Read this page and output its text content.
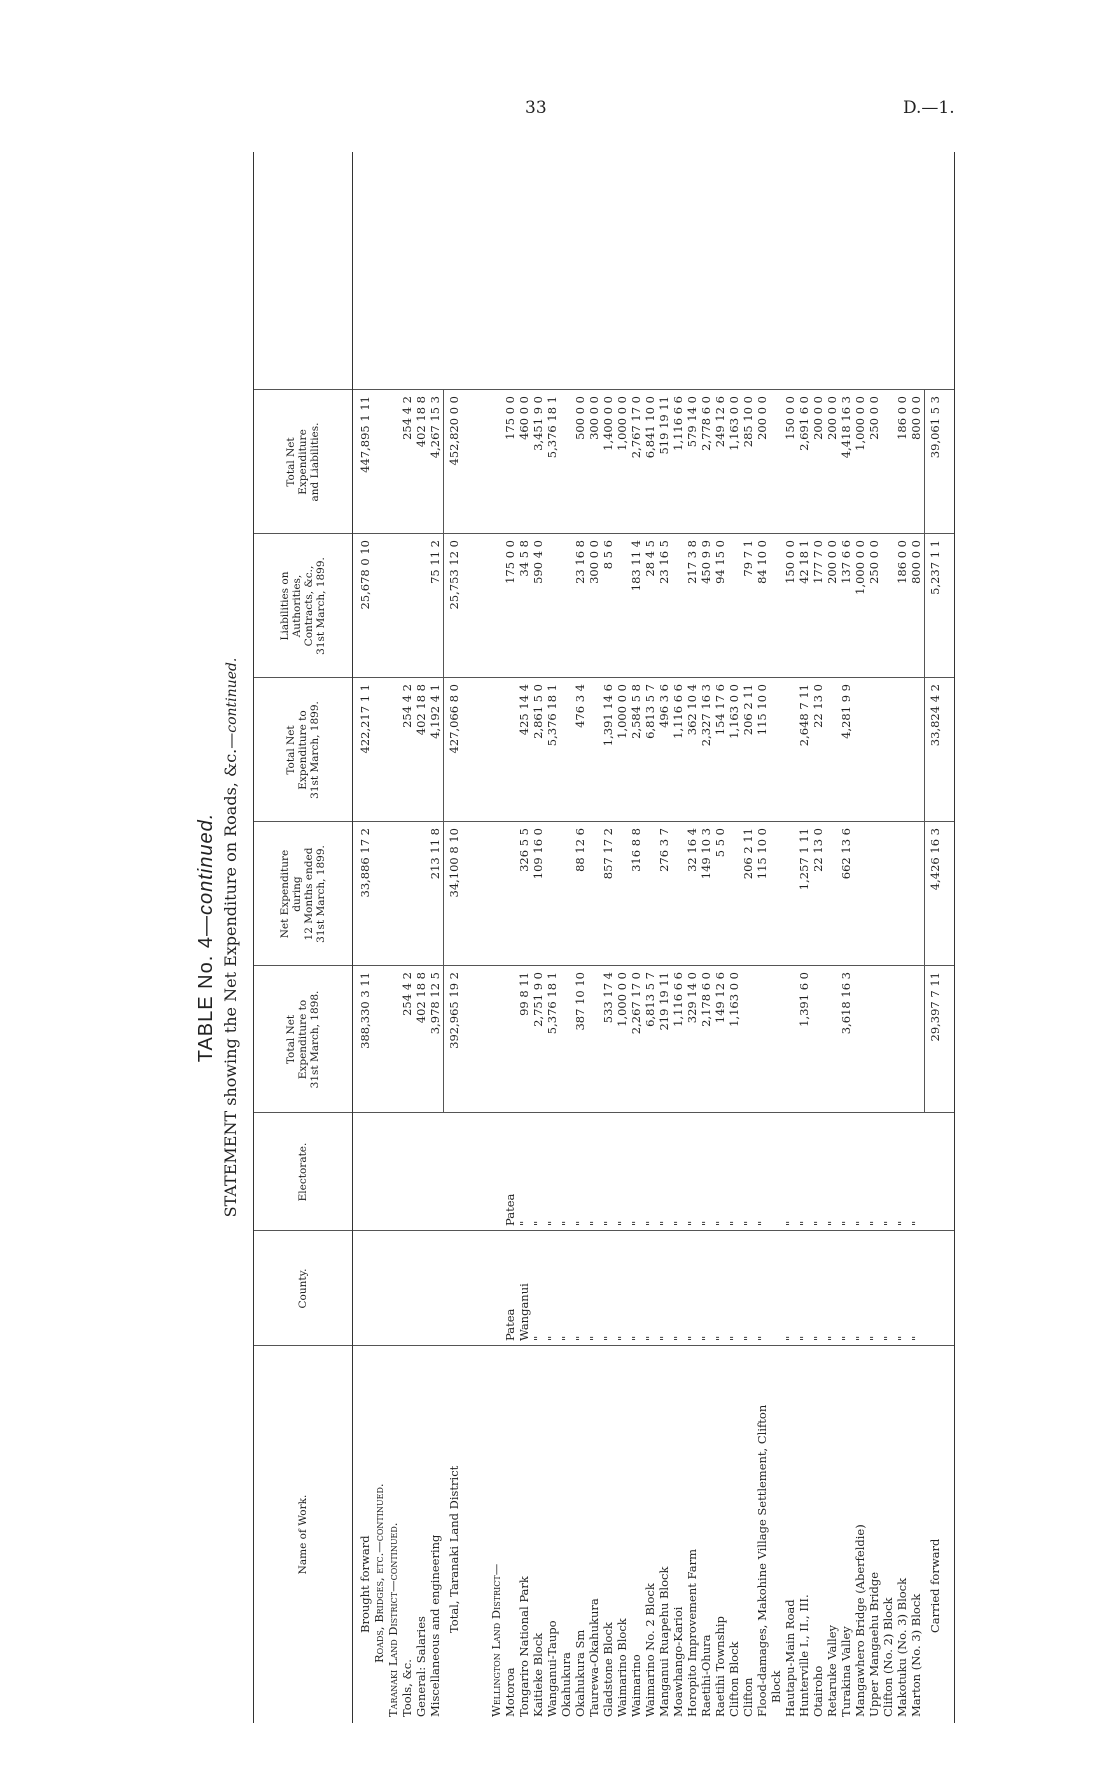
33	D.—1.
TABLE No. 4—continued. STATEMENT showing the Net Expenditure on Roads, &c.—continued.
Name of Work.
County.
Electorate.
Total Net
Expenditure to
31st March, 1898.
Net Expenditure
during
12 Months ended
31st March, 1899.
Total Net
Expenditure to
31st March, 1899.
Liabilities on
Authorities,
Contracts, &c.,
31st March, 1899.
Total Net
Expenditure
and Liabilities.
Brought forward
388,330 3 11
33,886 17 2
422,217 1 1
25,678 0 10
447,895 1 11
Roads, Bridges, etc.—continued. Taranaki Land District—continued. Tools, &c.
254 4 2
254 4 2
254 4 2
General: Salaries
402 18 8
402 18 8
402 18 8
Miscellaneous and engineering
3,978 12 5
213 11 8
4,192 4 1
75 11 2
4,267 15 3
Total, Taranaki Land District
392,965 19 2
34,100 8 10
427,066 8 0
25,753 12 0
452,820 0 0
Wellington Land District— Motoroa
Patea
Patea
175 0 0
175 0 0
Tongariro National Park
Wanganui
"
99 8 11
326 5 5
425 14 4
34 5 8
460 0 0
Kaitieke Block
"
"
2,751 9 0
109 16 0
2,861 5 0
590 4 0
3,451 9 0
Wanganui-Taupo
"
"
5,376 18 1
5,376 18 1
5,376 18 1
Okahukura
"
"
Okahukura Sm
"
"
387 10 10
88 12 6
476 3 4
23 16 8
500 0 0
Taurewa-Okahukura
"
"
300 0 0
300 0 0
Gladstone Block
"
"
533 17 4
857 17 2
1,391 14 6
8 5 6
1,400 0 0
Waimarino Block
"
"
1,000 0 0
1,000 0 0
1,000 0 0
Waimarino
"
"
2,267 17 0
316 8 8
2,584 5 8
183 11 4
2,767 17 0
Waimarino No. 2 Block
"
"
6,813 5 7
6,813 5 7
28 4 5
6,841 10 0
Manganui Ruapehu Block
"
"
219 19 11
276 3 7
496 3 6
23 16 5
519 19 11
Moawhango-Karioi
"
"
1,116 6 6
1,116 6 6
1,116 6 6
Horopito Improvement Farm
"
"
329 14 0
32 16 4
362 10 4
217 3 8
579 14 0
Raetihi-Ohura
"
"
2,178 6 0
149 10 3
2,327 16 3
450 9 9
2,778 6 0
Raetihi Township
"
"
149 12 6
5 5 0
154 17 6
94 15 0
249 12 6
Clifton Block
"
"
1,163 0 0
1,163 0 0
1,163 0 0
Clifton
"
"
206 2 11
206 2 11
79 7 1
285 10 0
Flood-damages, Makohine Village Settlement, Clifton
"
"
115 10 0
115 10 0
84 10 0
200 0 0
Block Hautapu-Main Road
"
"
150 0 0
150 0 0
Hunterville I., II., III.
"
"
1,391 6 0
1,257 1 11
2,648 7 11
42 18 1
2,691 6 0
Otairoho
"
"
22 13 0
22 13 0
177 7 0
200 0 0
Retaruke Valley
"
"
200 0 0
200 0 0
Turakina Valley
"
"
3,618 16 3
662 13 6
4,281 9 9
137 6 6
4,418 16 3
Mangawhero Bridge (Aberfeldie)
"
"
1,000 0 0
1,000 0 0
Upper Mangaehu Bridge
"
"
250 0 0
250 0 0
Clifton (No. 2) Block
"
"
Makotuku (No. 3) Block
"
"
186 0 0
186 0 0
Marton (No. 3) Block
"
"
800 0 0
800 0 0
Carried forward
29,397 7 11
4,426 16 3
33,824 4 2
5,237 1 1
39,061 5 3
